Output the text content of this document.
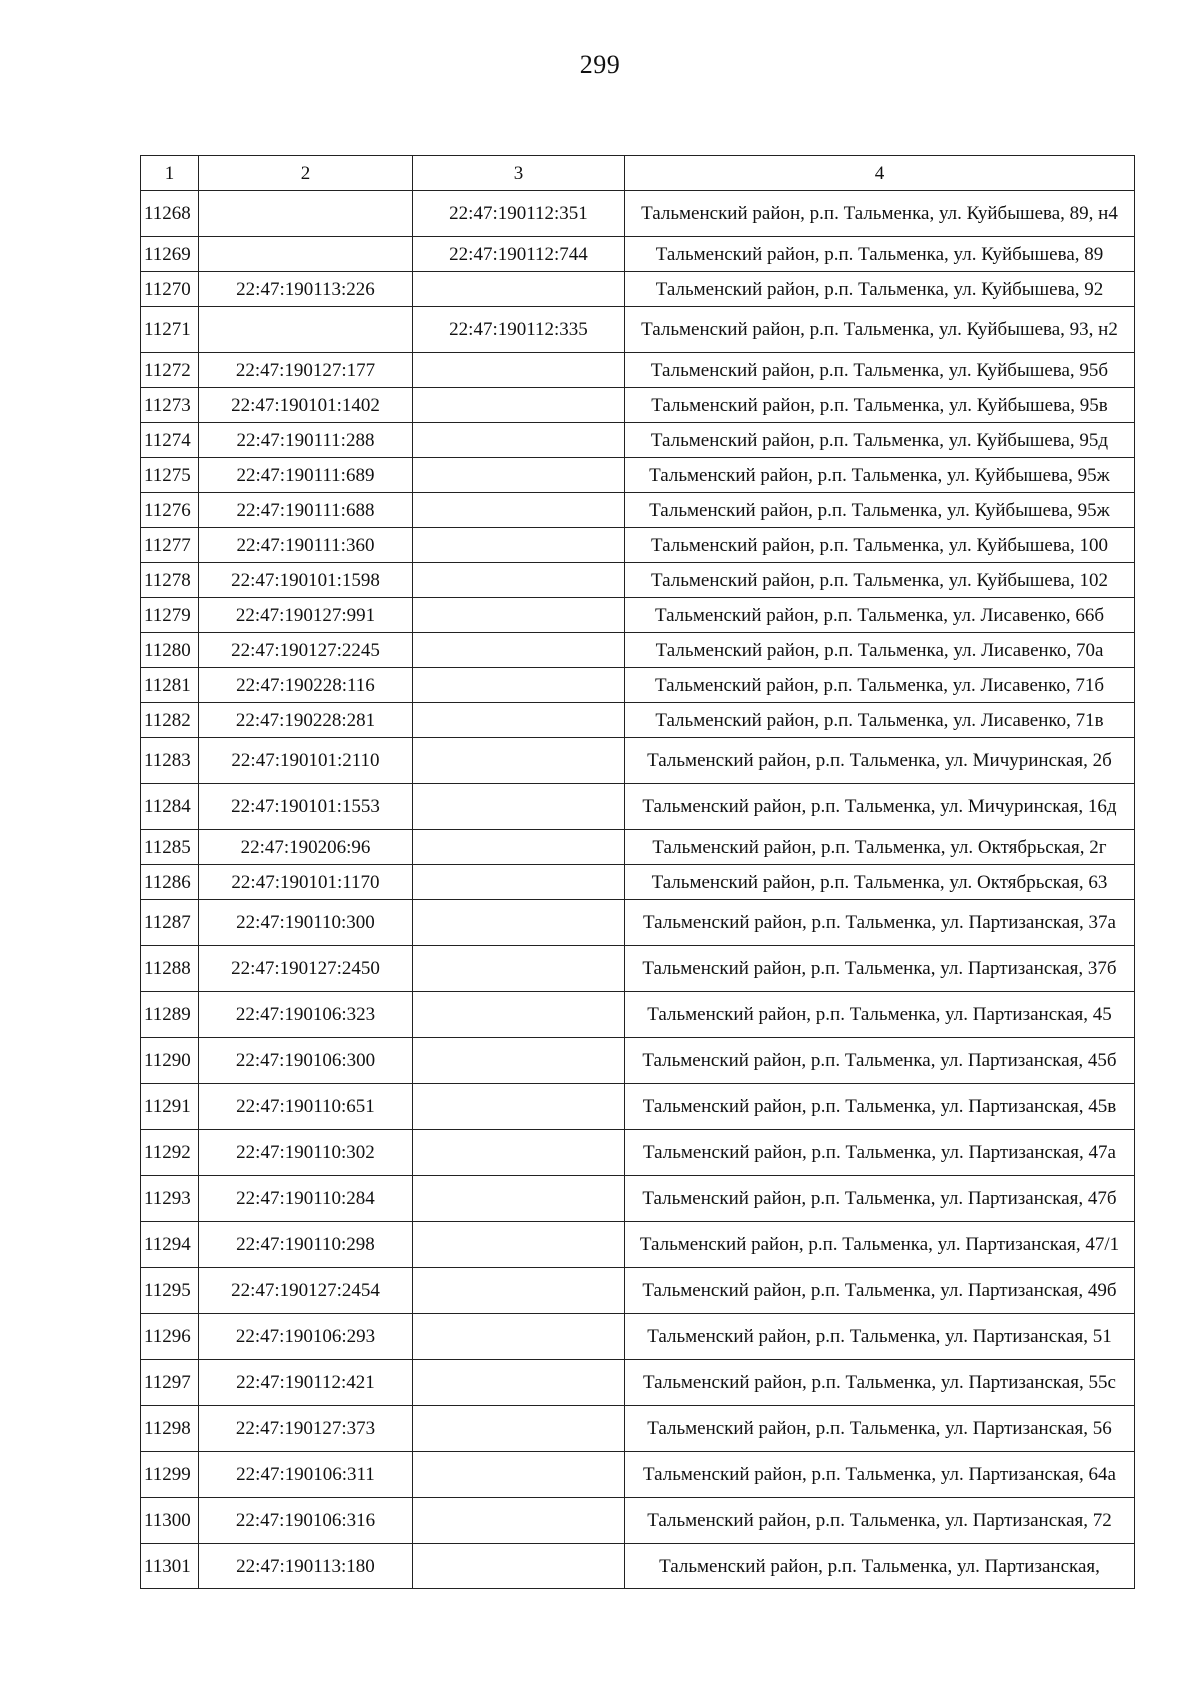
299
1	2	3	4
11268		22:47:190112:351	Тальменский район, р.п. Тальменка, ул. Куйбышева, 89, н4
11269		22:47:190112:744	Тальменский район, р.п. Тальменка, ул. Куйбышева, 89
11270	22:47:190113:226		Тальменский район, р.п. Тальменка, ул. Куйбышева, 92
11271		22:47:190112:335	Тальменский район, р.п. Тальменка, ул. Куйбышева, 93, н2
11272	22:47:190127:177		Тальменский район, р.п. Тальменка, ул. Куйбышева, 95б
11273	22:47:190101:1402		Тальменский район, р.п. Тальменка, ул. Куйбышева, 95в
11274	22:47:190111:288		Тальменский район, р.п. Тальменка, ул. Куйбышева, 95д
11275	22:47:190111:689		Тальменский район, р.п. Тальменка, ул. Куйбышева, 95ж
11276	22:47:190111:688		Тальменский район, р.п. Тальменка, ул. Куйбышева, 95ж
11277	22:47:190111:360		Тальменский район, р.п. Тальменка, ул. Куйбышева, 100
11278	22:47:190101:1598		Тальменский район, р.п. Тальменка, ул. Куйбышева, 102
11279	22:47:190127:991		Тальменский район, р.п. Тальменка, ул. Лисавенко, 66б
11280	22:47:190127:2245		Тальменский район, р.п. Тальменка, ул. Лисавенко, 70а
11281	22:47:190228:116		Тальменский район, р.п. Тальменка, ул. Лисавенко, 71б
11282	22:47:190228:281		Тальменский район, р.п. Тальменка, ул. Лисавенко, 71в
11283	22:47:190101:2110		Тальменский район, р.п. Тальменка, ул. Мичуринская, 2б
11284	22:47:190101:1553		Тальменский район, р.п. Тальменка, ул. Мичуринская, 16д
11285	22:47:190206:96		Тальменский район, р.п. Тальменка, ул. Октябрьская, 2г
11286	22:47:190101:1170		Тальменский район, р.п. Тальменка, ул. Октябрьская, 63
11287	22:47:190110:300		Тальменский район, р.п. Тальменка, ул. Партизанская, 37а
11288	22:47:190127:2450		Тальменский район, р.п. Тальменка, ул. Партизанская, 37б
11289	22:47:190106:323		Тальменский район, р.п. Тальменка, ул. Партизанская, 45
11290	22:47:190106:300		Тальменский район, р.п. Тальменка, ул. Партизанская, 45б
11291	22:47:190110:651		Тальменский район, р.п. Тальменка, ул. Партизанская, 45в
11292	22:47:190110:302		Тальменский район, р.п. Тальменка, ул. Партизанская, 47а
11293	22:47:190110:284		Тальменский район, р.п. Тальменка, ул. Партизанская, 47б
11294	22:47:190110:298		Тальменский район, р.п. Тальменка, ул. Партизанская, 47/1
11295	22:47:190127:2454		Тальменский район, р.п. Тальменка, ул. Партизанская, 49б
11296	22:47:190106:293		Тальменский район, р.п. Тальменка, ул. Партизанская, 51
11297	22:47:190112:421		Тальменский район, р.п. Тальменка, ул. Партизанская, 55с
11298	22:47:190127:373		Тальменский район, р.п. Тальменка, ул. Партизанская, 56
11299	22:47:190106:311		Тальменский район, р.п. Тальменка, ул. Партизанская, 64а
11300	22:47:190106:316		Тальменский район, р.п. Тальменка, ул. Партизанская, 72
11301	22:47:190113:180		Тальменский район, р.п. Тальменка, ул. Партизанская,
